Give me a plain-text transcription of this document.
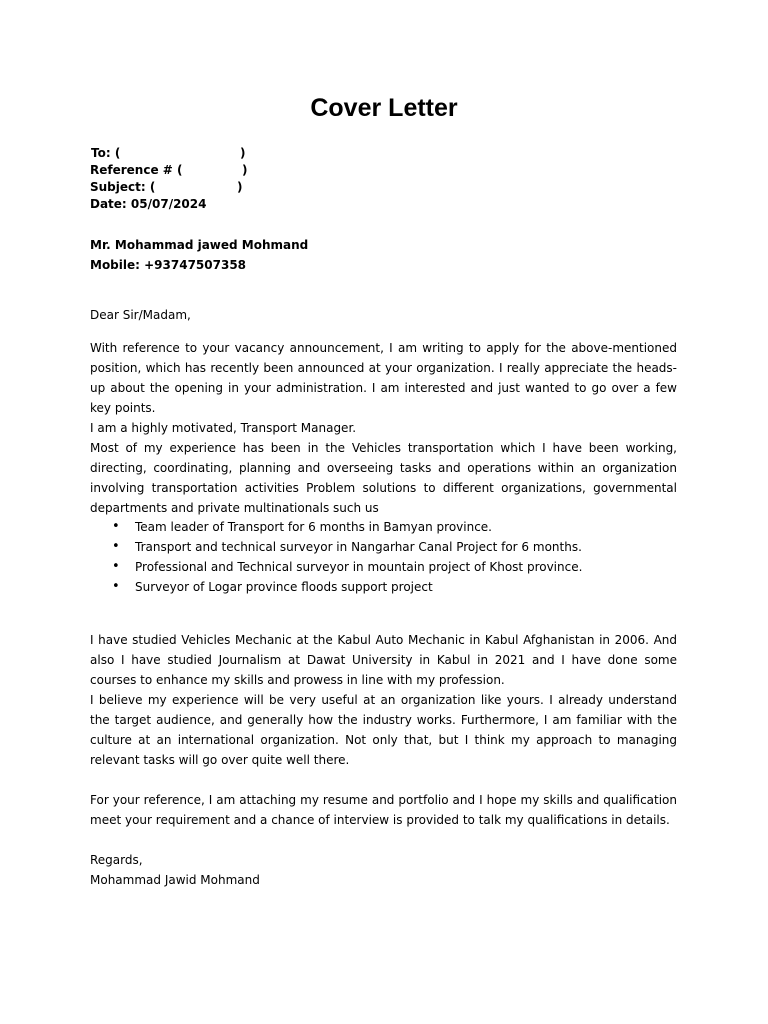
Cover Letter
To: (	)
Reference # (	)
Subject: (	)
Date: 05/07/2024
Mr. Mohammad jawed Mohmand
Mobile: +93747507358
Dear Sir/Madam,
With reference to your vacancy announcement, I am writing to apply for the above-mentioned position, which has recently been announced at your organization. I really appreciate the heads-up about the opening in your administration. I am interested and just wanted to go over a few key points.
I am a highly motivated, Transport Manager.
Most of my experience has been in the Vehicles transportation which I have been working, directing, coordinating, planning and overseeing tasks and operations within an organization involving transportation activities Problem solutions to different organizations, governmental departments and private multinationals such us
• Team leader of Transport for 6 months in Bamyan province.
• Transport and technical surveyor in Nangarhar Canal Project for 6 months.
• Professional and Technical surveyor in mountain project of Khost province.
• Surveyor of Logar province floods support project
I have studied Vehicles Mechanic at the Kabul Auto Mechanic in Kabul Afghanistan in 2006. And also I have studied Journalism at Dawat University in Kabul in 2021 and I have done some courses to enhance my skills and prowess in line with my profession.
I believe my experience will be very useful at an organization like yours. I already understand the target audience, and generally how the industry works. Furthermore, I am familiar with the culture at an international organization. Not only that, but I think my approach to managing relevant tasks will go over quite well there.
For your reference, I am attaching my resume and portfolio and I hope my skills and qualification meet your requirement and a chance of interview is provided to talk my qualifications in details.
Regards,
Mohammad Jawid Mohmand
